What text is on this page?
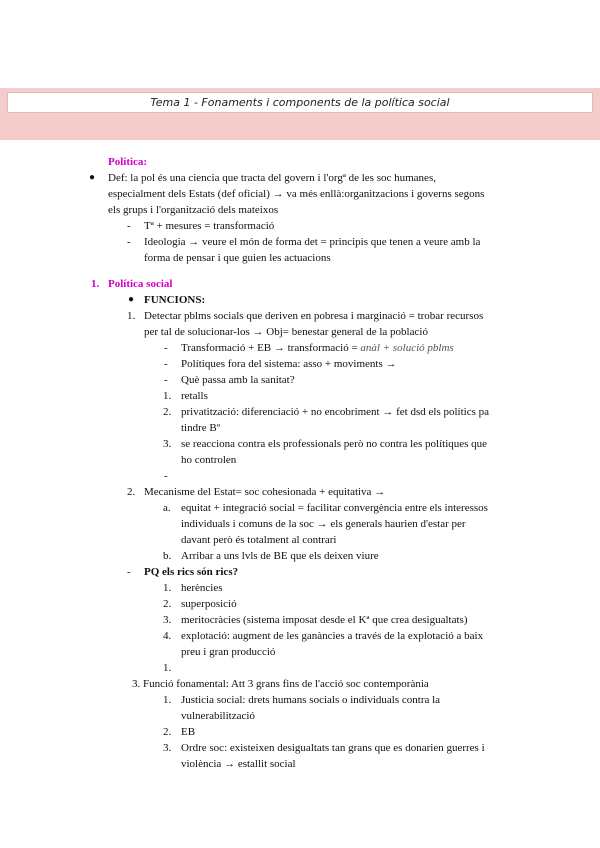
Tema 1 - Fonaments i components de la política social
Política:
● Def: la pol és una ciencia que tracta del govern i l'orgª de les soc humanes,
especialment dels Estats (def oficial) → va més enllà:organitzacions i governs segons
els grups i l'organització dels mateixos
- Tª + mesures = transformació
- Ideologia → veure el món de forma det = principis que tenen a veure amb la
forma de pensar i que guien les actuacions
1. Política social
● FUNCIONS:
1. Detectar pblms socials que deriven en pobresa i marginació = trobar recursos
per tal de solucionar-los → Obj= benestar general de la població
- Transformació + EB → transformació = anàl + solució pblms
- Polítiques fora del sistema: asso + moviments →
- Què passa amb la sanitat?
1. retalls
2. privatització: diferenciació + no encobriment → fet dsd els polítics pa
tindre Bº
3. se reacciona contra els professionals però no contra les polítiques que
ho controlen
-
2. Mecanisme del Estat= soc cohesionada + equitativa →
a. equitat + integració social = facilitar convergència entre els interessos
individuals i comuns de la soc → els generals haurien d'estar per
davant però és totalment al contrari
b. Arribar a uns lvls de BE que els deixen viure
- PQ els rics són rics?
1. herències
2. superposició
3. meritocràcies (sistema imposat desde el Kª que crea desigualtats)
4. explotació: augment de les ganàncies a través de la explotació a baix
preu i gran producció
1.
3. Funció fonamental: Att 3 grans fins de l'acció soc contemporània
1. Justicia social: drets humans socials o individuals contra la
vulnerabilització
2. EB
3. Ordre soc: existeixen desigualtats tan grans que es donarien guerres i
violència → estallit social
